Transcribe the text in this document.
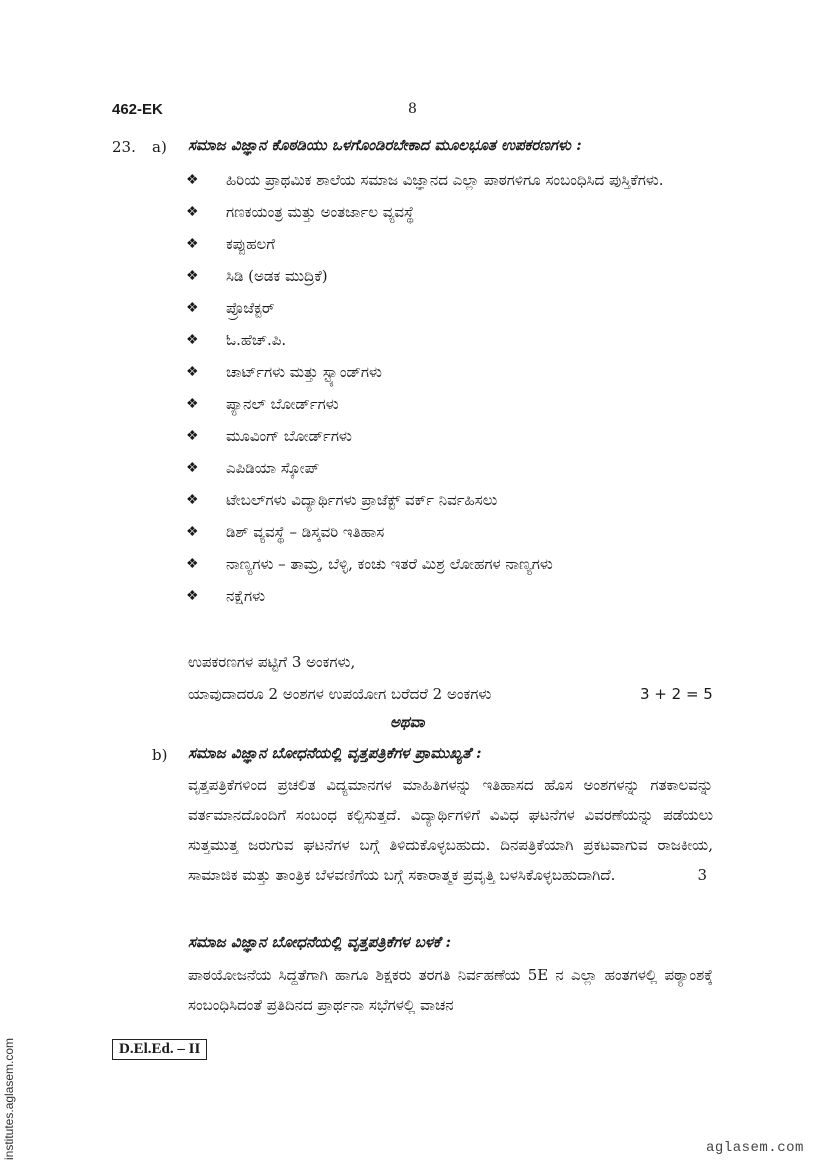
462-EK	8
23. a) ಸಮಾಜ ವಿಜ್ಞಾನ ಕೊಠಡಿಯು ಒಳಗೊಂಡಿರಬೇಕಾದ ಮೂಲಭೂತ ಉಪಕರಣಗಳು :
❖ ಹಿರಿಯ ಪ್ರಾಥಮಿಕ ಶಾಲೆಯ ಸಮಾಜ ವಿಜ್ಞಾನದ ಎಲ್ಲಾ ಪಾಠಗಳಿಗೂ ಸಂಬಂಧಿಸಿದ ಪುಸ್ತಿಕೆಗಳು.
❖ ಗಣಕಯಂತ್ರ ಮತ್ತು ಅಂತರ್ಜಾಲ ವ್ಯವಸ್ಥೆ
❖ ಕಪ್ಪುಹಲಗೆ
❖ ಸಿಡಿ (ಅಡಕ ಮುದ್ರಿಕೆ)
❖ ಪ್ರೊಜೆಕ್ಟರ್
❖ ಓ.ಹೆಚ್.ಪಿ.
❖ ಚಾರ್ಟ್‌ಗಳು ಮತ್ತು ಸ್ಟ್ಯಾಂಡ್‌ಗಳು
❖ ಪ್ಯಾನಲ್ ಬೋರ್ಡ್‌ಗಳು
❖ ಮೂವಿಂಗ್ ಬೋರ್ಡ್‌ಗಳು
❖ ಎಪಿಡಿಯಾ ಸ್ಕೋಪ್
❖ ಟೇಬಲ್‌ಗಳು ವಿದ್ಯಾರ್ಥಿಗಳು ಪ್ರಾಜೆಕ್ಟ್ ವರ್ಕ್ ನಿರ್ವಹಿಸಲು
❖ ಡಿಶ್ ವ್ಯವಸ್ಥೆ – ಡಿಸ್ಕವರಿ ಇತಿಹಾಸ
❖ ನಾಣ್ಯಗಳು – ತಾಮ್ರ, ಬೆಳ್ಳಿ, ಕಂಚು ಇತರೆ ಮಿಶ್ರ ಲೋಹಗಳ ನಾಣ್ಯಗಳು
❖ ನಕ್ಷೆಗಳು
ಉಪಕರಣಗಳ ಪಟ್ಟಿಗೆ 3 ಅಂಕಗಳು,
ಯಾವುದಾದರೂ 2 ಅಂಶಗಳ ಉಪಯೋಗ ಬರೆದರೆ 2 ಅಂಕಗಳು	3 + 2 = 5
ಅಥವಾ
b) ಸಮಾಜ ವಿಜ್ಞಾನ ಬೋಧನೆಯಲ್ಲಿ ವೃತ್ತಪತ್ರಿಕೆಗಳ ಪ್ರಾಮುಖ್ಯತೆ :
ವೃತ್ತಪತ್ರಿಕೆಗಳಿಂದ ಪ್ರಚಲಿತ ವಿದ್ಯಮಾನಗಳ ಮಾಹಿತಿಗಳನ್ನು ಇತಿಹಾಸದ ಹೊಸ ಅಂಶಗಳನ್ನು ಗತಕಾಲವನ್ನು ವರ್ತಮಾನದೊಂದಿಗೆ ಸಂಬಂಧ ಕಲ್ಪಿಸುತ್ತದೆ. ವಿದ್ಯಾರ್ಥಿಗಳಿಗೆ ವಿವಿಧ ಘಟನೆಗಳ ವಿವರಣೆಯನ್ನು ಪಡೆಯಲು ಸುತ್ತಮುತ್ತ ಜರುಗುವ ಘಟನೆಗಳ ಬಗ್ಗೆ ತಿಳಿದುಕೊಳ್ಳಬಹುದು. ದಿನಪತ್ರಿಕೆಯಾಗಿ ಪ್ರಕಟವಾಗುವ ರಾಜಕೀಯ, ಸಾಮಾಜಿಕ ಮತ್ತು ತಾಂತ್ರಿಕ ಬೆಳವಣಿಗೆಯ ಬಗ್ಗೆ ಸಕಾರಾತ್ಮಕ ಪ್ರವೃತ್ತಿ ಬಳಸಿಕೊಳ್ಳಬಹುದಾಗಿದೆ.	3
ಸಮಾಜ ವಿಜ್ಞಾನ ಬೋಧನೆಯಲ್ಲಿ ವೃತ್ತಪತ್ರಿಕೆಗಳ ಬಳಕೆ :
ಪಾಠಯೋಜನೆಯ ಸಿದ್ದತೆಗಾಗಿ ಹಾಗೂ ಶಿಕ್ಷಕರು ತರಗತಿ ನಿರ್ವಹಣೆಯ 5E ನ ಎಲ್ಲಾ ಹಂತಗಳಲ್ಲಿ ಪಠ್ಯಾಂಶಕ್ಕೆ ಸಂಬಂಧಿಸಿದಂತೆ ಪ್ರತಿದಿನದ ಪ್ರಾರ್ಥನಾ ಸಭೆಗಳಲ್ಲಿ ವಾಚನ
D.El.Ed. – II
institutes.aglasem.com	aglasem.com
